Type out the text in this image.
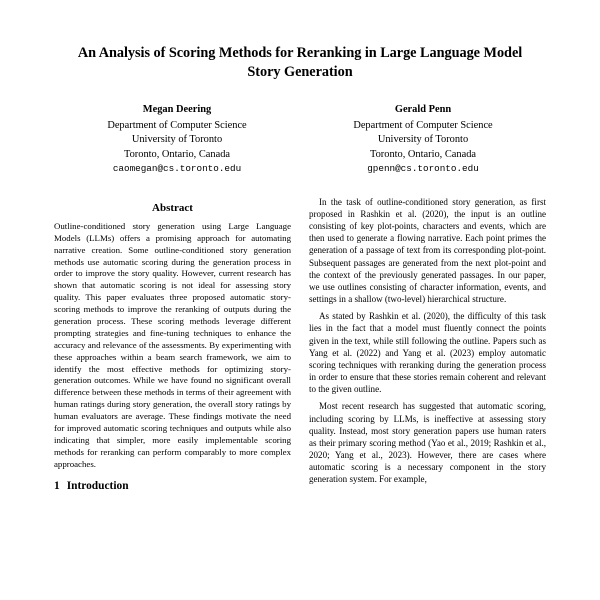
An Analysis of Scoring Methods for Reranking in Large Language Model Story Generation
Megan Deering
Department of Computer Science
University of Toronto
Toronto, Ontario, Canada
caomegan@cs.toronto.edu
Gerald Penn
Department of Computer Science
University of Toronto
Toronto, Ontario, Canada
gpenn@cs.toronto.edu
Abstract

Outline-conditioned story generation using Large Language Models (LLMs) offers a promising approach for automating narrative creation. Some outline-conditioned story generation methods use automatic scoring during the generation process in order to improve the story quality. However, current research has shown that automatic scoring is not ideal for assessing story quality. This paper evaluates three proposed automatic story-scoring methods to improve the reranking of outputs during the generation process. These scoring methods leverage different prompting strategies and fine-tuning techniques to enhance the accuracy and relevance of the assessments. By experimenting with these approaches within a beam search framework, we aim to identify the most effective methods for optimizing story-generation outcomes. While we have found no significant overall difference between these methods in terms of their agreement with human ratings during story generation, the overall story ratings by human evaluators are average. These findings motivate the need for improved automatic scoring techniques and outputs while also indicating that simpler, more easily implementable scoring methods for reranking can perform comparably to more complex approaches.

1 Introduction

In the task of outline-conditioned story generation, as first proposed in Rashkin et al. (2020), the input is an outline consisting of key plot-points, characters and events, which are then used to generate a flowing narrative. Each point primes the generation of a passage of text from its corresponding plot-point. Subsequent passages are generated from the next plot-point and the context of the previously generated passages. In our paper, we use outlines consisting of character information, events, and settings in a shallow (two-level) hierarchical structure.

As stated by Rashkin et al. (2020), the difficulty of this task lies in the fact that a model must fluently connect the points given in the text, while still following the outline. Papers such as Yang et al. (2022) and Yang et al. (2023) employ automatic scoring techniques with reranking during the generation process in order to ensure that these stories remain coherent and relevant to the given outline.

Most recent research has suggested that automatic scoring, including scoring by LLMs, is ineffective at assessing story quality. Instead, most story generation papers use human raters as their primary scoring method (Yao et al., 2019; Rashkin et al., 2020; Yang et al., 2023). However, there are cases where automatic scoring is a necessary component in the story generation system. For example,
